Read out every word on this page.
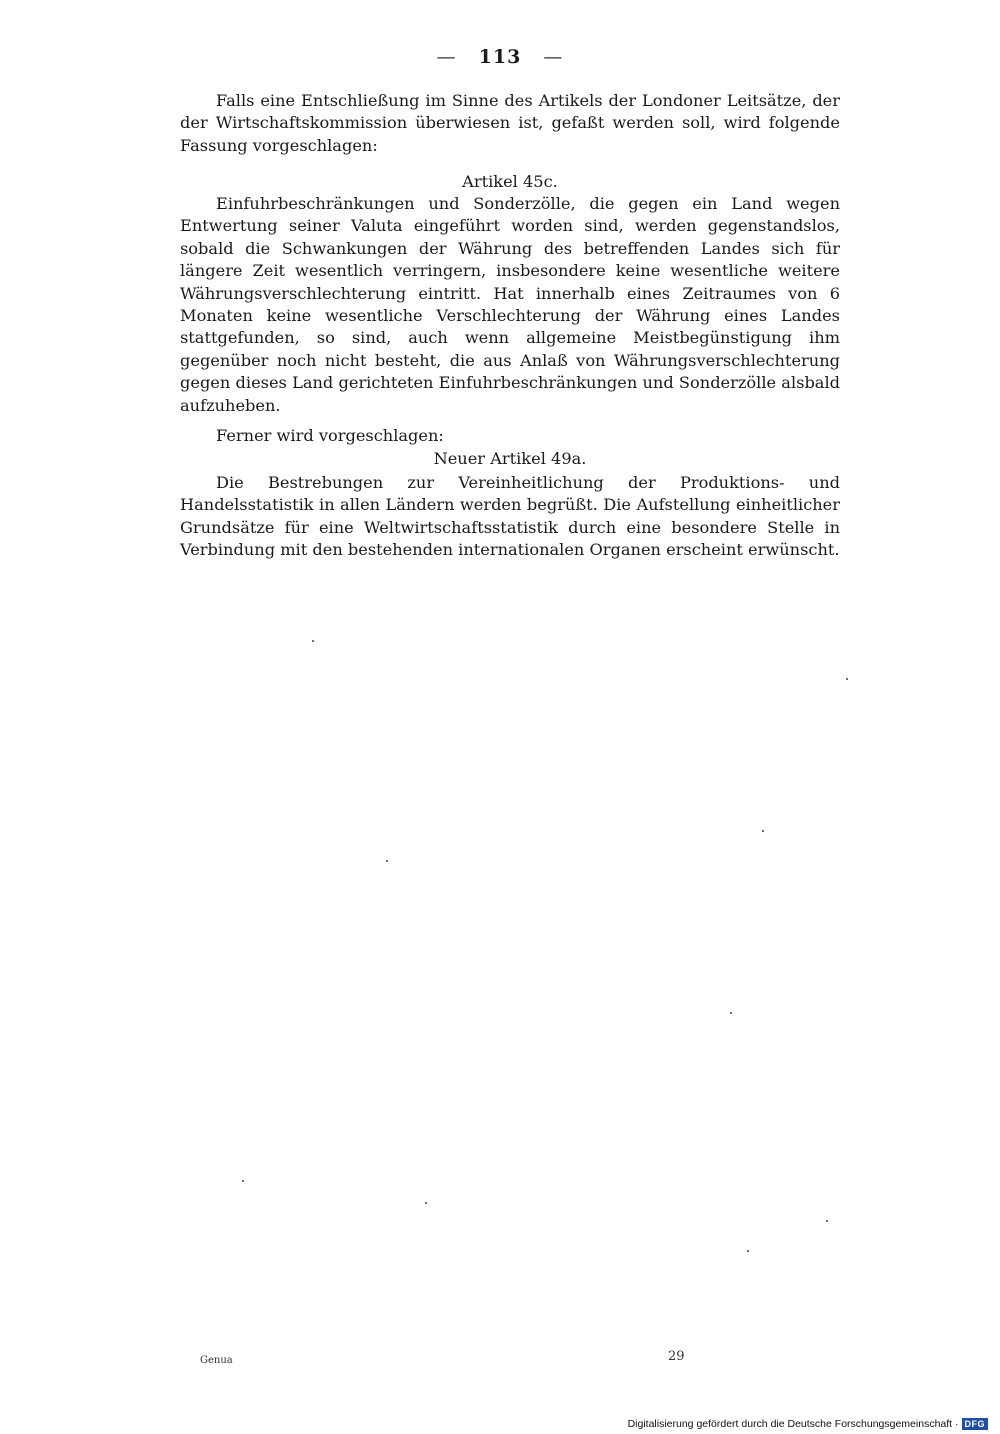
— 113 —

Falls eine Entschließung im Sinne des Artikels der Londoner Leitsätze, der der Wirtschaftskommission überwiesen ist, gefaßt werden soll, wird folgende Fassung vorgeschlagen:

Artikel 45c.

Einfuhrbeschränkungen und Sonderzölle, die gegen ein Land wegen Entwertung seiner Valuta eingeführt worden sind, werden gegenstandslos, sobald die Schwankungen der Währung des betreffenden Landes sich für längere Zeit wesentlich verringern, insbesondere keine wesentliche weitere Währungsverschlechterung eintritt. Hat innerhalb eines Zeitraumes von 6 Monaten keine wesentliche Verschlechterung der Währung eines Landes stattgefunden, so sind, auch wenn allgemeine Meistbegünstigung ihm gegenüber noch nicht besteht, die aus Anlaß von Währungsverschlechterung gegen dieses Land gerichteten Einfuhrbeschränkungen und Sonderzölle alsbald aufzuheben.

Ferner wird vorgeschlagen:

Neuer Artikel 49a.

Die Bestrebungen zur Vereinheitlichung der Produktions- und Handelsstatistik in allen Ländern werden begrüßt. Die Aufstellung einheitlicher Grundsätze für eine Weltwirtschaftsstatistik durch eine besondere Stelle in Verbindung mit den bestehenden internationalen Organen erscheint erwünscht.

Genua	29
Digitalisierung gefördert durch die Deutsche Forschungsgemeinschaft · DFG
